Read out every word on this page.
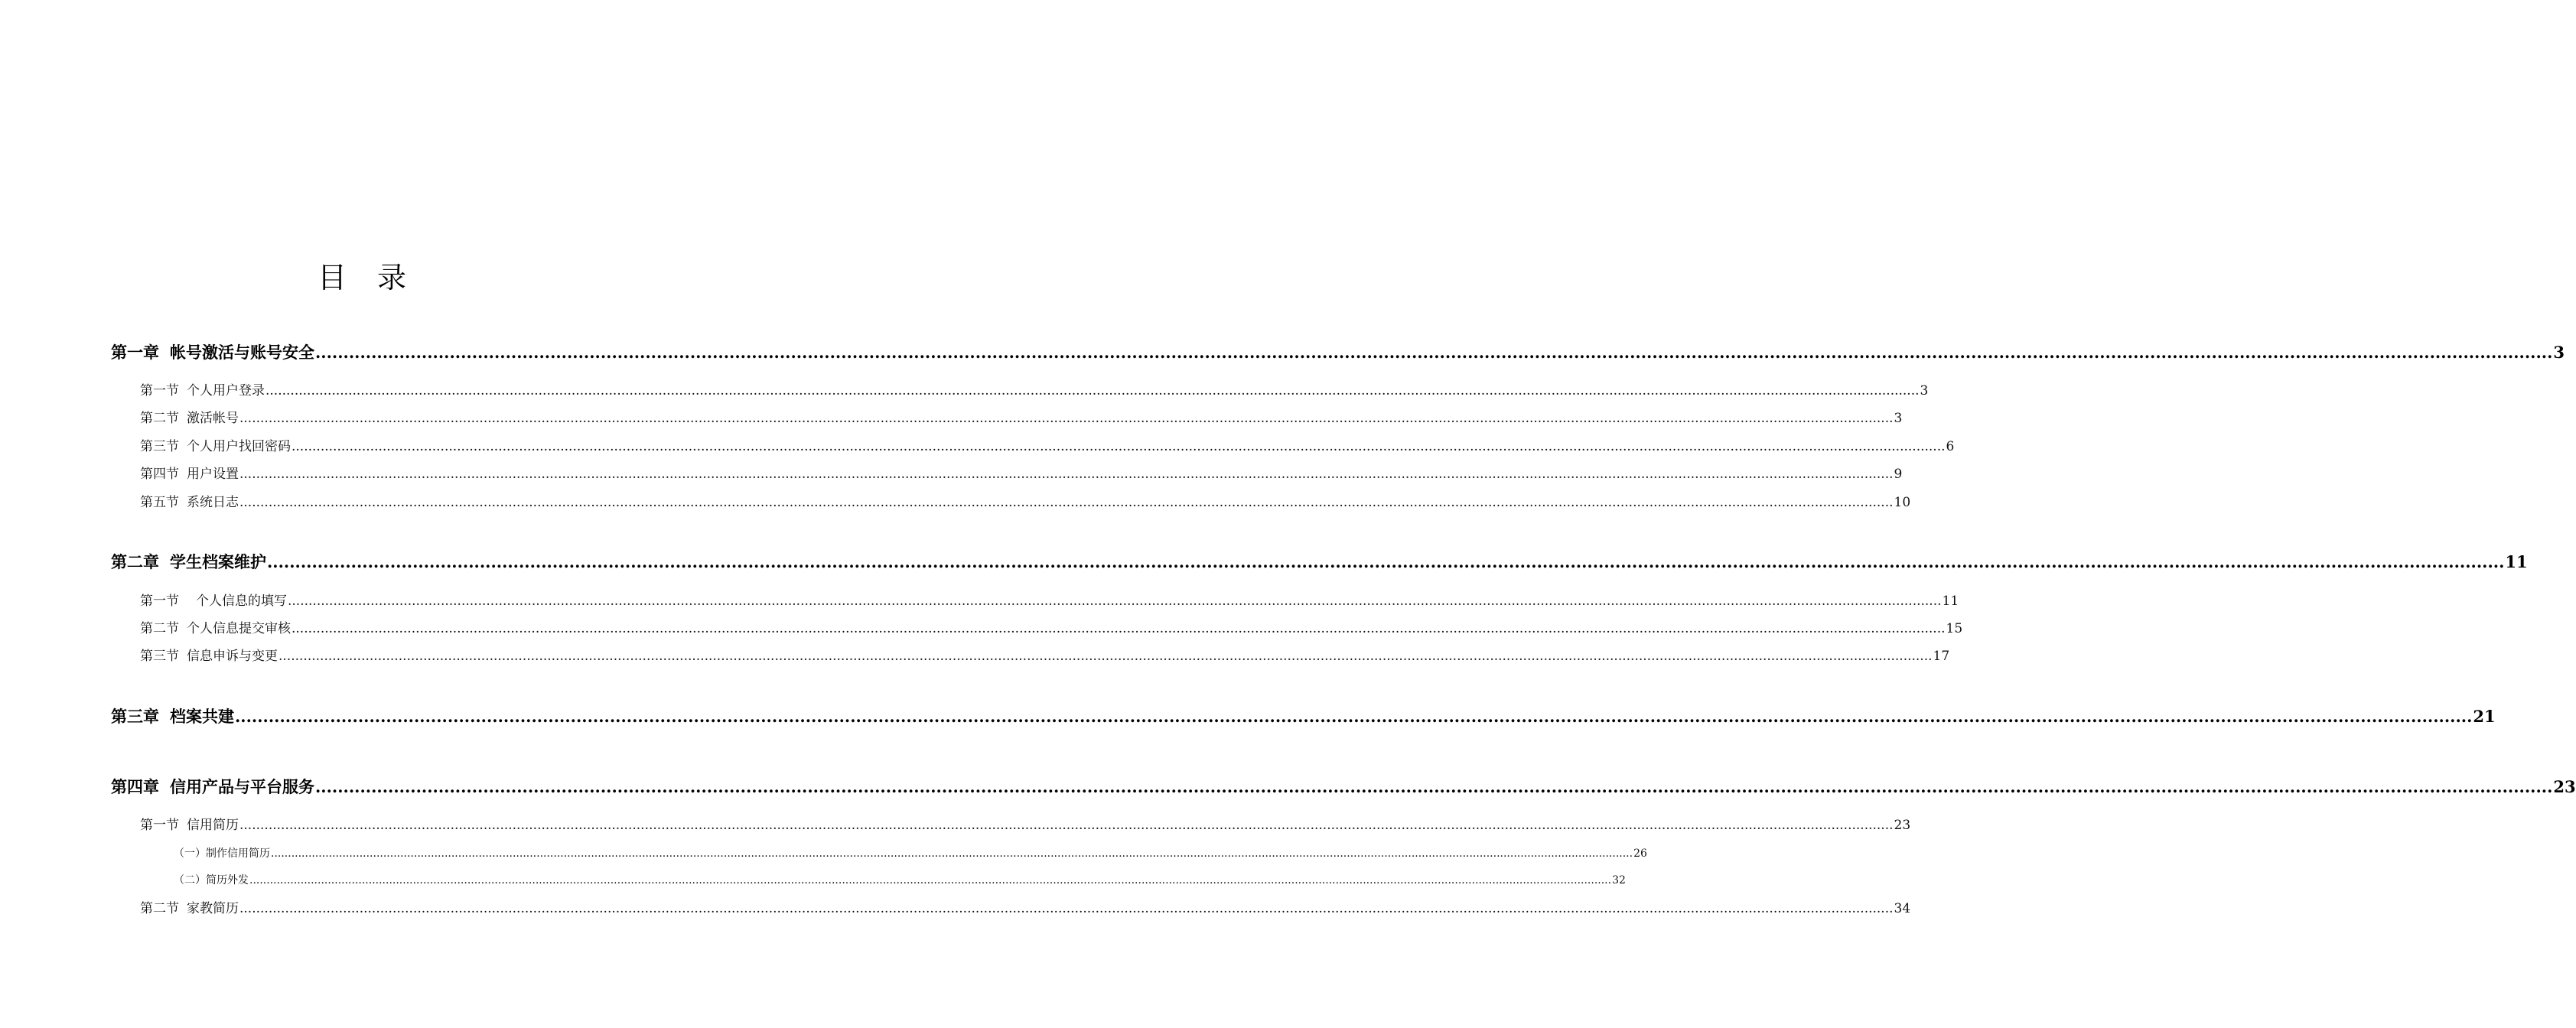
目 录
第一章 帐号激活与账号安全 ................................................................................................................................................................................................................................................................................................................................................................................................................ 3
第一节 个人用户登录 ................................................................................................................................................................................................................................................................................................................................................................................................................ 3
第二节 激活帐号 ................................................................................................................................................................................................................................................................................................................................................................................................................ 3
第三节 个人用户找回密码 ................................................................................................................................................................................................................................................................................................................................................................................................................ 6
第四节 用户设置 ................................................................................................................................................................................................................................................................................................................................................................................................................ 9
第五节 系统日志 ................................................................................................................................................................................................................................................................................................................................................................................................................ 10
第二章 学生档案维护 ................................................................................................................................................................................................................................................................................................................................................................................................................ 11
第一节 个人信息的填写 ................................................................................................................................................................................................................................................................................................................................................................................................................ 11
第二节 个人信息提交审核 ................................................................................................................................................................................................................................................................................................................................................................................................................ 15
第三节 信息申诉与变更 ................................................................................................................................................................................................................................................................................................................................................................................................................ 17
第三章 档案共建 ................................................................................................................................................................................................................................................................................................................................................................................................................ 21
第四章 信用产品与平台服务 ................................................................................................................................................................................................................................................................................................................................................................................................................ 23
第一节 信用简历 ................................................................................................................................................................................................................................................................................................................................................................................................................ 23
（一） 制作信用简历 ................................................................................................................................................................................................................................................................................................................................................................................................................ 26
（二） 简历外发 ................................................................................................................................................................................................................................................................................................................................................................................................................ 32
第二节 家教简历 ................................................................................................................................................................................................................................................................................................................................................................................................................ 34
